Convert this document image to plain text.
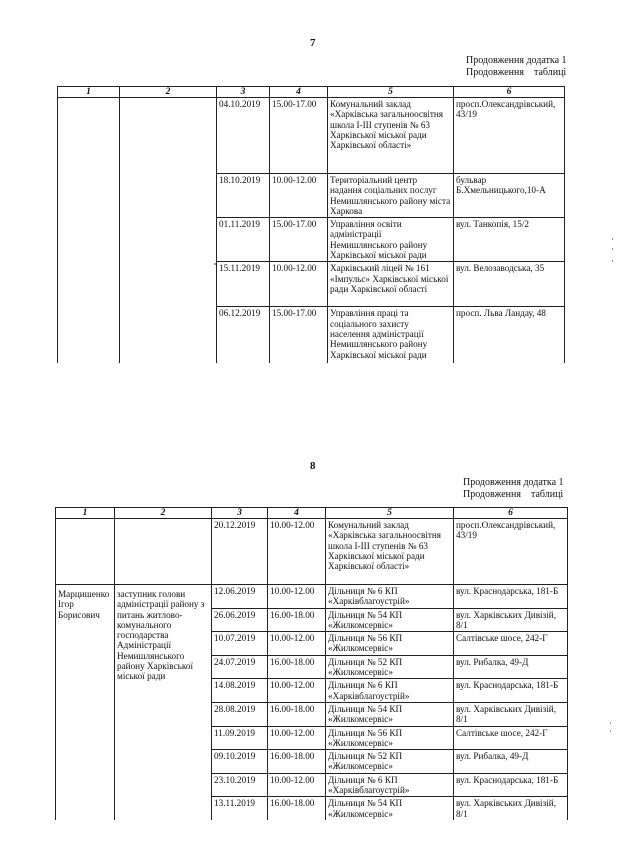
7
Продовження додатка 1
Продовження    таблиці
1	2	3	4	5	6
		04.10.2019	15.00-17.00	Комунальний заклад «Харківська загальноосвітня школа І-ІІІ ступенів № 63 Харківської міської ради Харківської області»	просп.Олександрівський, 43/19
		18.10.2019	10.00-12.00	Територіальний центр надання соціальних послуг Немишлянського району міста Харкова	бульвар Б.Хмельницького,10-А
		01.11.2019	15.00-17.00	Управління освіти адміністрації Немишлянського району Харківської міської ради	вул. Танкопія, 15/2
		15.11.2019	10.00-12.00	Харківський ліцей № 161 «Імпульс» Харківської міської ради Харківської області	вул. Велозаводська, 35
		06.12.2019	15.00-17.00	Управління праці та соціального захисту населення адміністрації Немишлянського району Харківської міської ради	просп. Льва Ландау, 48
8
Продовження додатка 1
Продовження    таблиці
1	2	3	4	5	6
		20.12.2019	10.00-12.00	Комунальний заклад «Харківська загальноосвітня школа І-ІІІ ступенів № 63 Харківської міської ради Харківської області»	просп.Олександрівський, 43/19
Марцишенко Ігор Борисович	заступник голови адміністрації району з питань житлово-комунального господарства Адміністрації Немишлянського району Харківської міської ради	12.06.2019	10.00-12.00	Дільниця № 6 КП «Харківблагоустрій»	вул. Краснодарська, 181-Б
		26.06.2019	16.00-18.00	Дільниця № 54 КП «Жилкомсервіс»	вул. Харківських Дивізій, 8/1
		10.07.2019	10.00-12.00	Дільниця № 56 КП «Жилкомсервіс»	Салтівське шосе, 242-Г
		24.07.2019	16.00-18.00	Дільниця № 52 КП «Жилкомсервіс»	вул. Рибалка, 49-Д
		14.08.2019	10.00-12.00	Дільниця № 6 КП «Харківблагоустрій»	вул. Краснодарська, 181-Б
		28.08.2019	16.00-18.00	Дільниця № 54 КП «Жилкомсервіс»	вул. Харківських Дивізій, 8/1
		11.09.2019	10.00-12.00	Дільниця № 56 КП «Жилкомсервіс»	Салтівське шосе, 242-Г
		09.10.2019	16.00-18.00	Дільниця № 52 КП «Жилкомсервіс»	вул. Рибалка, 49-Д
		23.10.2019	10.00-12.00	Дільниця № 6 КП «Харківблагоустрій»	вул. Краснодарська, 181-Б
		13.11.2019	16.00-18.00	Дільниця № 54 КП «Жилкомсервіс»	вул. Харківських Дивізій, 8/1
